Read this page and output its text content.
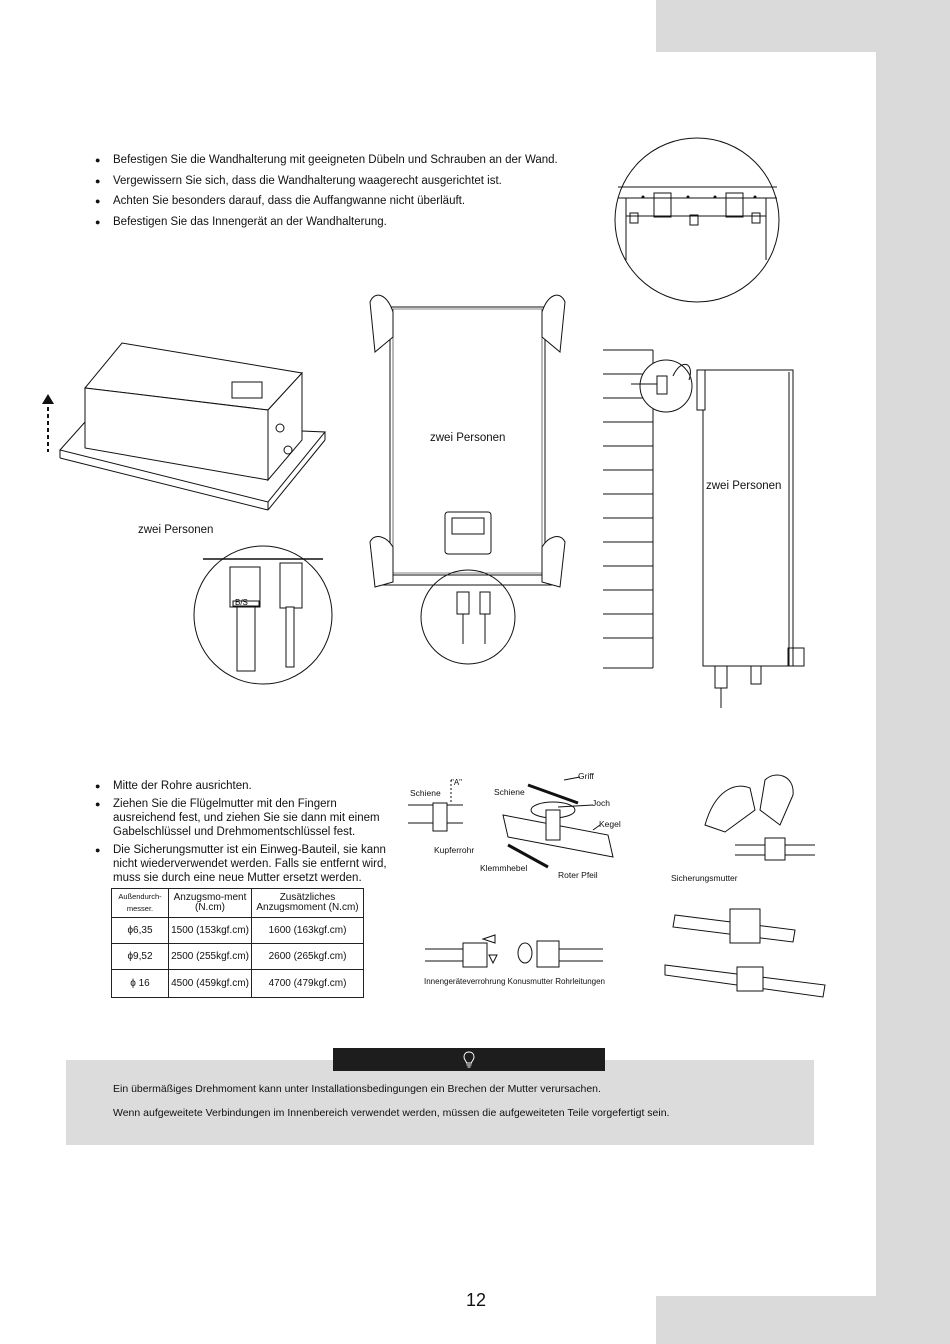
● Befestigen Sie die Wandhalterung mit geeigneten Dübeln und Schrauben an der Wand.
● Vergewissern Sie sich, dass die Wandhalterung waagerecht ausgerichtet ist.
● Achten Sie besonders darauf, dass die Auffangwanne nicht überläuft.
● Befestigen Sie das Innengerät an der Wandhalterung.
zwei Personen
B/S
zwei Personen
zwei Personen
● Mitte der Rohre ausrichten.
● Ziehen Sie die Flügelmutter mit den Fingern ausreichend fest, und ziehen Sie sie dann mit einem Gabelschlüssel und Drehmomentschlüssel fest.
● Die Sicherungsmutter ist ein Einweg-Bauteil, sie kann nicht wiederverwendet werden. Falls sie entfernt wird, muss sie durch eine neue Mutter ersetzt werden.
Außendurch-messer.	Anzugsmo-ment (N.cm)	Zusätzliches Anzugsmoment (N.cm)
ϕ6,35	1500 (153kgf.cm)	1600 (163kgf.cm)
ϕ9,52	2500 (255kgf.cm)	2600 (265kgf.cm)
ϕ 16	4500 (459kgf.cm)	4700 (479kgf.cm)
Schiene
"A"
Kupferrohr
Schiene
Griff
Joch
Kegel
Klemmhebel
Roter Pfeil
Innengeräteverrohrung Konusmutter Rohrleitungen
Sicherungsmutter
Ein übermäßiges Drehmoment kann unter Installationsbedingungen ein Brechen der Mutter verursachen.
Wenn aufgeweitete Verbindungen im Innenbereich verwendet werden, müssen die aufgeweiteten Teile vorgefertigt sein.
12
